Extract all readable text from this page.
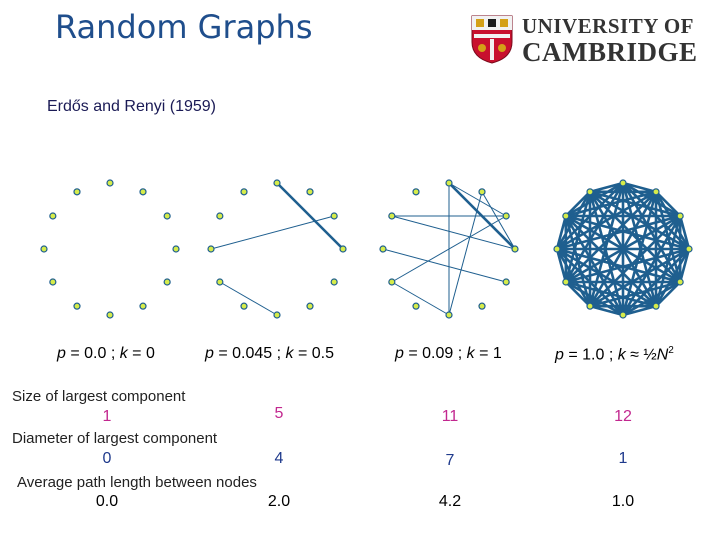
Random Graphs	UNIVERSITY OF
CAMBRIDGE
Erdős and Renyi (1959)
p = 0.0 ; k = 0	p = 0.045 ; k = 0.5	p = 0.09 ; k = 1	p = 1.0 ; $k \approx \frac{1}{2}N^2$
Size of largest component
1	5	11	12
Diameter of largest component
0	4	7	1
Average path length between nodes
0.0	2.0	4.2	1.0
